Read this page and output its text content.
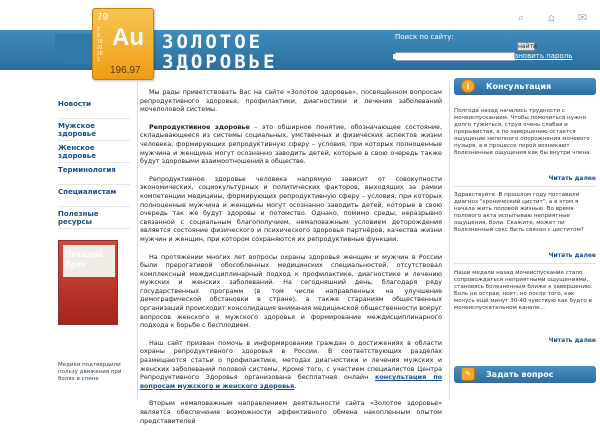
⌕	⌂	✉
79
2
8
18
32
18
1
Au
196.97
ЗОЛОТОЕ
ЗДОРОВЬЕ
Поиск по сайту:
найти
Зарегистрироваться	Восстановить пароль
Новости
Мужское здоровье
Женское здоровье
Терминология
Специалистам
Полезные ресурсы
Лечащий Врач
Медики подтвердили пользу движения при болях в спине

Мы рады приветствовать Вас на сайте «Золотое здоровье», посвящённом вопросам репродуктивного здоровья, профилактики, диагностики и лечения заболеваний мочеполовой системы.

Репродуктивное здоровье – это обширное понятие, обозначающее состояние, складывающееся из системы социальных, умственных и физических аспектов жизни человека, формирующих репродуктивную сферу – условия, при которых полноценные мужчина и женщина могут осознанно заводить детей, которые в свою очередь также будут здоровыми взаимоотношений в обществе.

Репродуктивное здоровье человека напрямую зависит от совокупности экономических, социокультурных и политических факторов, выходящих за рамки компетенции медицины, формирующих репродуктивную сферу – условия, при которых полноценные мужчина и женщины могут осознанно заводить детей, которые в свою очередь так же будут здоровы и потомство. Однако, помимо среды, неразрывно связанной с социальным благополучием, немаловажным условием деторождения является состояние физического и психического здоровья партнёров, качества жизни мужчин и женщин, при котором сохраняются их репродуктивные функции.

На протяжении многих лет вопросы охраны здоровья женщин и мужчин в России были прерогативой обособленных медицинских специальностей, отсутствовал комплексный междисциплинарный подход к профилактике, диагностике и лечению мужских и женских заболеваний. На сегодняшний день, благодаря ряду государственных программ (в том числе направленных на улучшение демографической обстановки в стране), а также стараниям общественных организаций происходит консолидация внимания медицинской общественности вокруг вопросов женского и мужского здоровья и формирование междисциплинарного подхода к борьбе с бесплодием.

Наш сайт призван помочь в информировании граждан о достижениях в области охраны репродуктивного здоровья в России. В соответствующих разделах размещаются статьи о профилактике, методах диагностики и лечения мужских и женских заболеваний половой системы. Кроме того, с участием специалистов Центра Репродуктивного Здоровья организована бесплатная онлайн консультация по вопросам мужского и женского здоровья.

Вторым немаловажным направлением деятельности сайта «Золотое здоровье» является обеспечение возможности эффективного обмена накопленным опытом представителей

i	Консультация
Полгода назад начались трудности с мочеиспусканием. Чтобы помочиться нужно долго тужиться, струя очень слабая и прерывистая, а по завершению остается ощущение неполного опорожнения мочевого пузыря, а в процессе порой возникают болезненные ощущения как бы внутри члена.
Читать далее
Здравствуйте. В прошлом году поставили диагноз "хронический цистит", а в этом я начала жить половой жизнью. Во время полового акта испытываю неприятные ощущения, боли. Скажите, может ли болезненный секс быть связан с циститом?
Читать далее
Наши медали назад мочеиспускание стало сопровождаться неприятными ощущениями, становясь болезненным ближе к завершению. Боль не острая, ноет, но после того, как мочусь ещё минут 30-40 чувствую как будто в мочеиспускательном канале...
Читать далее
✎	Задать вопрос
